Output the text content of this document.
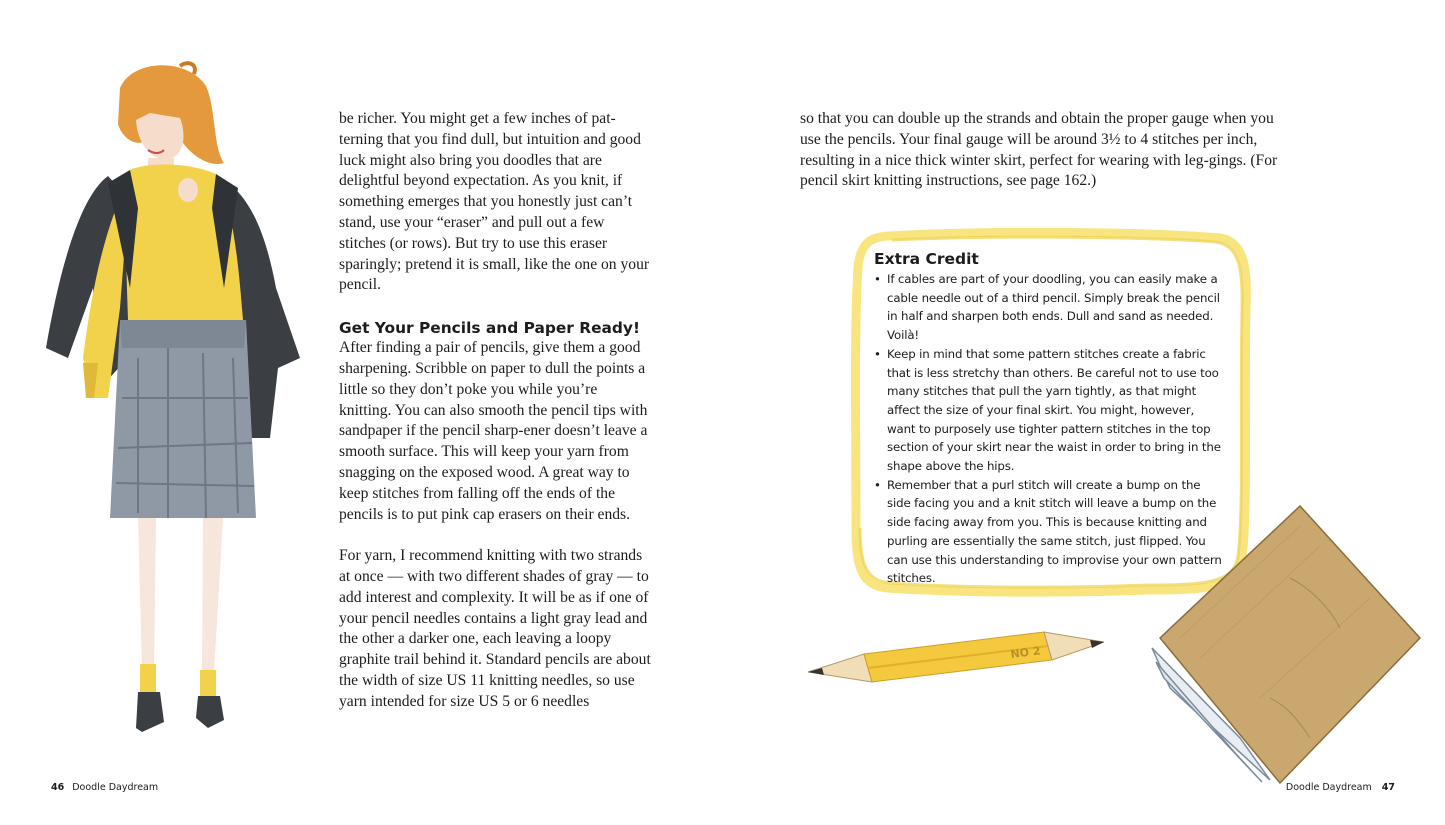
be richer. You might get a few inches of pat-terning that you find dull, but intuition and good luck might also bring you doodles that are delightful beyond expectation. As you knit, if something emerges that you honestly just can’t stand, use your “eraser” and pull out a few stitches (or rows). But try to use this eraser sparingly; pretend it is small, like the one on your pencil.

Get Your Pencils and Paper Ready!

After finding a pair of pencils, give them a good sharpening. Scribble on paper to dull the points a little so they don’t poke you while you’re knitting. You can also smooth the pencil tips with sandpaper if the pencil sharp-ener doesn’t leave a smooth surface. This will keep your yarn from snagging on the exposed wood. A great way to keep stitches from falling off the ends of the pencils is to put pink cap erasers on their ends.

For yarn, I recommend knitting with two strands at once — with two different shades of gray — to add interest and complexity. It will be as if one of your pencil needles contains a light gray lead and the other a darker one, each leaving a loopy graphite trail behind it. Standard pencils are about the width of size US 11 knitting needles, so use yarn intended for size US 5 or 6 needles

so that you can double up the strands and obtain the proper gauge when you use the pencils. Your final gauge will be around 3½ to 4 stitches per inch, resulting in a nice thick winter skirt, perfect for wearing with leg-gings. (For pencil skirt knitting instructions, see page 162.)

Extra Credit
• If cables are part of your doodling, you can easily make a cable needle out of a third pencil. Simply break the pencil in half and sharpen both ends. Dull and sand as needed. Voilà!
• Keep in mind that some pattern stitches create a fabric that is less stretchy than others. Be careful not to use too many stitches that pull the yarn tightly, as that might affect the size of your final skirt. You might, however, want to purposely use tighter pattern stitches in the top section of your skirt near the waist in order to bring in the shape above the hips.
• Remember that a purl stitch will create a bump on the side facing you and a knit stitch will leave a bump on the side facing away from you. This is because knitting and purling are essentially the same stitch, just flipped. You can use this understanding to improvise your own pattern stitches.
NO 2
46 Doodle Daydream	Doodle Daydream 47
